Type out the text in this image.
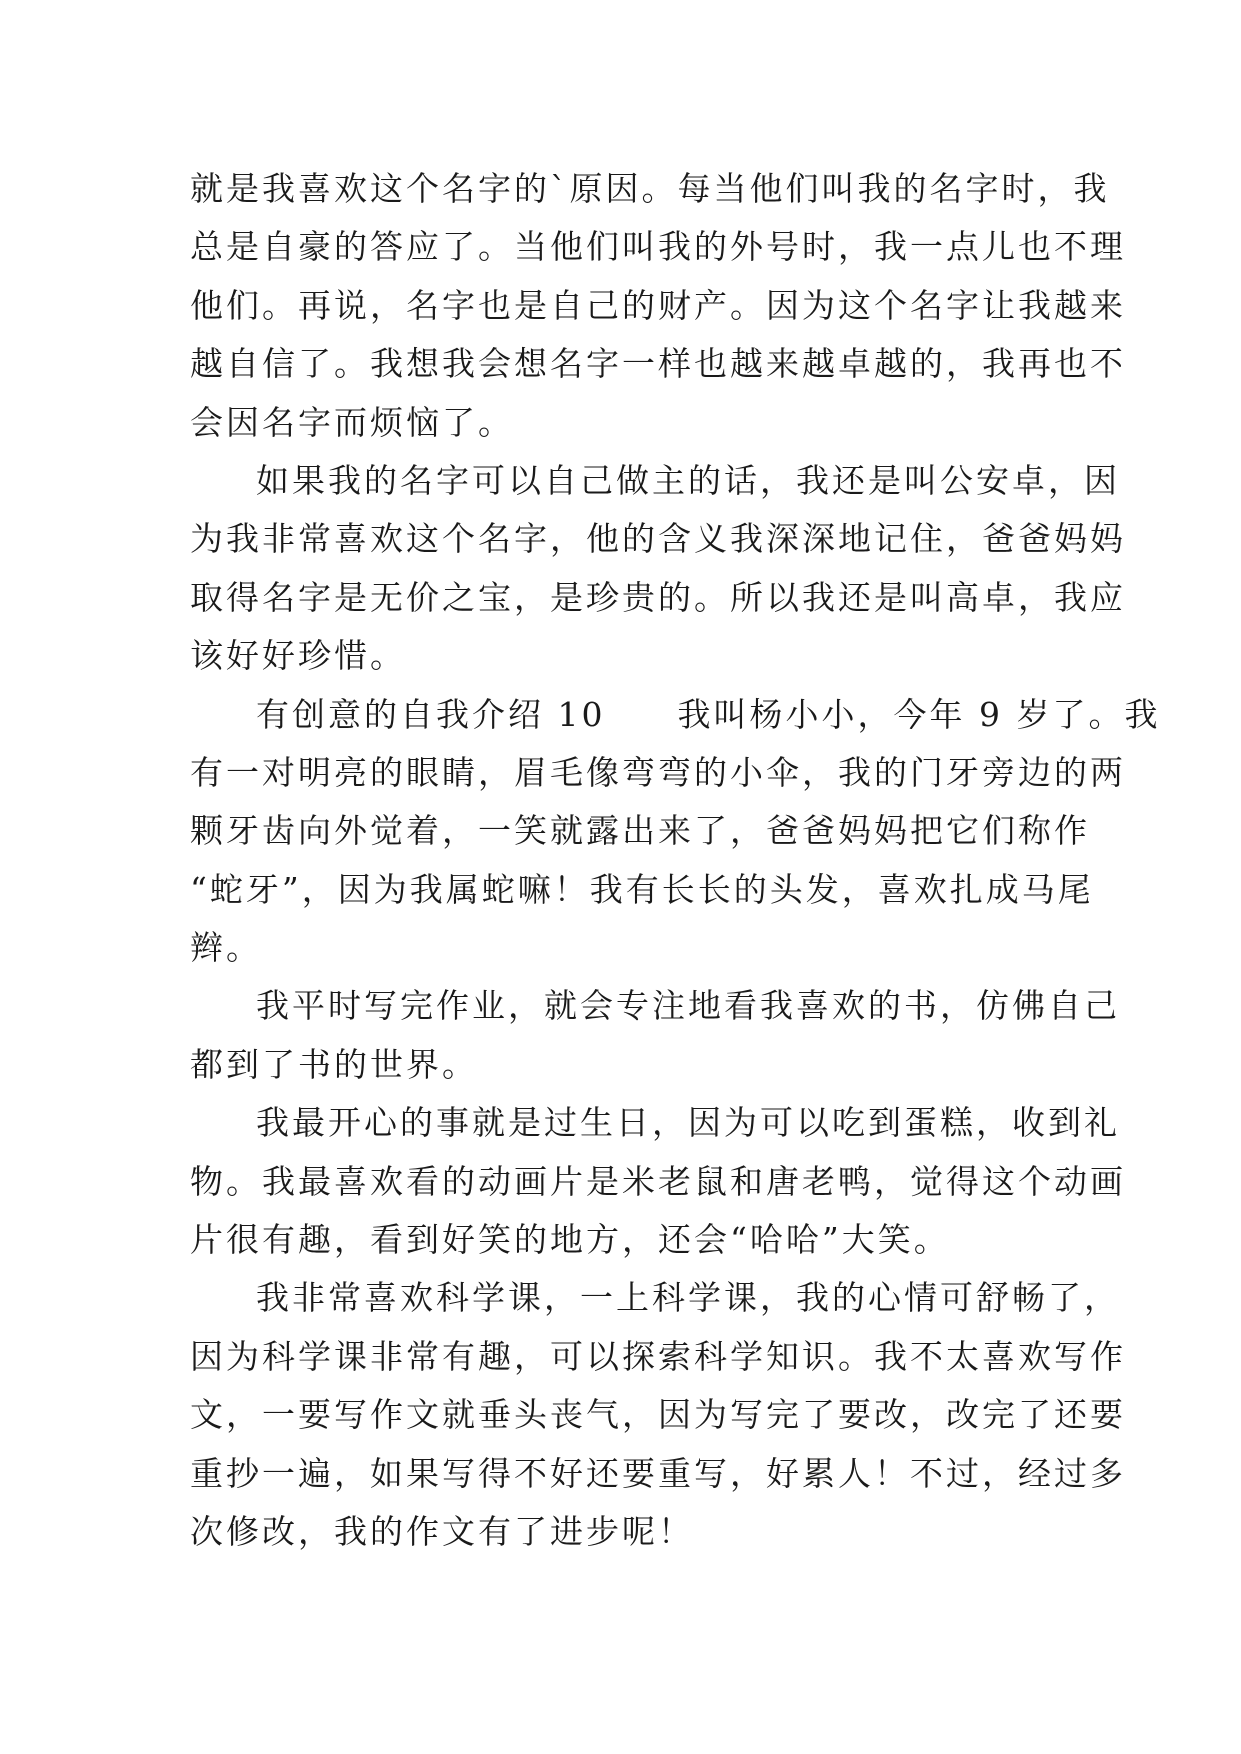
就是我喜欢这个名字的`原因。每当他们叫我的名字时，我
总是自豪的答应了。当他们叫我的外号时，我一点儿也不理
他们。再说，名字也是自己的财产。因为这个名字让我越来
越自信了。我想我会想名字一样也越来越卓越的，我再也不
会因名字而烦恼了。
如果我的名字可以自己做主的话，我还是叫公安卓，因
为我非常喜欢这个名字，他的含义我深深地记住，爸爸妈妈
取得名字是无价之宝，是珍贵的。所以我还是叫高卓，我应
该好好珍惜。
有创意的自我介绍 10　　我叫杨小小，今年 9 岁了。我
有一对明亮的眼睛，眉毛像弯弯的小伞，我的门牙旁边的两
颗牙齿向外觉着，一笑就露出来了，爸爸妈妈把它们称作
“蛇牙”，因为我属蛇嘛！我有长长的头发，喜欢扎成马尾
辫。
我平时写完作业，就会专注地看我喜欢的书，仿佛自己
都到了书的世界。
我最开心的事就是过生日，因为可以吃到蛋糕，收到礼
物。我最喜欢看的动画片是米老鼠和唐老鸭，觉得这个动画
片很有趣，看到好笑的地方，还会“哈哈”大笑。
我非常喜欢科学课，一上科学课，我的心情可舒畅了，
因为科学课非常有趣，可以探索科学知识。我不太喜欢写作
文，一要写作文就垂头丧气，因为写完了要改，改完了还要
重抄一遍，如果写得不好还要重写，好累人！不过，经过多
次修改，我的作文有了进步呢！
